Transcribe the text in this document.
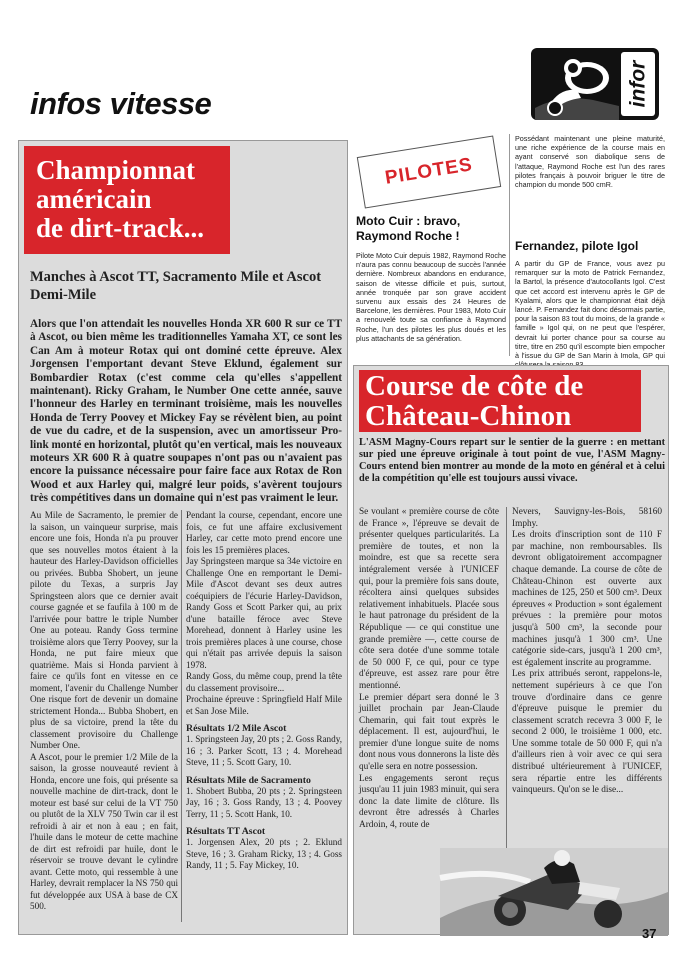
infos vitesse	infor
Championnat
américain
de dirt-track...
Manches à Ascot TT, Sacramento Mile et Ascot Demi-Mile
Alors que l'on attendait les nouvelles Honda XR 600 R sur ce TT à Ascot, ou bien même les traditionnelles Yamaha XT, ce sont les Can Am à moteur Rotax qui ont dominé cette épreuve. Alex Jorgensen l'emportant devant Steve Eklund, également sur Bombardier Rotax (c'est comme cela qu'elles s'appellent maintenant). Ricky Graham, le Number One cette année, sauve l'honneur des Harley en terminant troisième, mais les nouvelles Honda de Terry Poovey et Mickey Fay se révèlent bien, au point de vue du cadre, et de la suspension, avec un amortisseur Pro-link monté en horizontal, plutôt qu'en vertical, mais les nouveaux moteurs XR 600 R à quatre soupapes n'ont pas ou n'avaient pas encore la puissance nécessaire pour faire face aux Rotax de Ron Wood et aux Harley qui, malgré leur poids, s'avèrent toujours très compétitives dans un domaine qui n'est pas vraiment le leur.

Au Mile de Sacramento, le premier de la saison, un vainqueur surprise, mais encore une fois, Honda n'a pu prouver que ses nouvelles motos étaient à la hauteur des Harley-Davidson officielles ou privées. Bubba Shobert, un jeune pilote du Texas, a surpris Jay Springsteen alors que ce dernier avait course gagnée et se faufila à 100 m de l'arrivée pour battre le triple Number One au poteau. Randy Goss termine troisième alors que Terry Poovey, sur la Honda, ne put faire mieux que quatrième. Mais si Honda parvient à faire ce qu'ils font en vitesse en ce moment, l'avenir du Challenge Number One risque fort de devenir un domaine strictement Honda... Bubba Shobert, en plus de sa victoire, prend la tête du classement provisoire du Challenge Number One.

A Ascot, pour le premier 1/2 Mile de la saison, la grosse nouveauté revient à Honda, encore une fois, qui présente sa nouvelle machine de dirt-track, dont le moteur est basé sur celui de la VT 750 ou plutôt de la XLV 750 Twin car il est refroidi à air et non à eau ; en fait, l'huile dans le moteur de cette machine de dirt est refroidi par huile, dont le réservoir se trouve devant le cylindre avant. Cette moto, qui ressemble à une Harley, devrait remplacer la NS 750 qui fut développée aux USA à base de CX 500.

Pendant la course, cependant, encore une fois, ce fut une affaire exclusivement Harley, car cette moto prend encore une fois les 15 premières places.

Jay Springsteen marque sa 34e victoire en Challenge One en remportant le Demi-Mile d'Ascot devant ses deux autres coéquipiers de l'écurie Harley-Davidson, Randy Goss et Scott Parker qui, au prix d'une bataille féroce avec Steve Morehead, donnent à Harley usine les trois premières places à une course, chose qui n'était pas arrivée depuis la saison 1978.

Randy Goss, du même coup, prend la tête du classement provisoire...

Prochaine épreuve : Springfield Half Mile et San Jose Mile.

Résultats 1/2 Mile Ascot

1. Springsteen Jay, 20 pts ; 2. Goss Randy, 16 ; 3. Parker Scott, 13 ; 4. Morehead Steve, 11 ; 5. Scott Gary, 10.

Résultats Mile de Sacramento

1. Shobert Bubba, 20 pts ; 2. Springsteen Jay, 16 ; 3. Goss Randy, 13 ; 4. Poovey Terry, 11 ; 5. Scott Hank, 10.

Résultats TT Ascot

1. Jorgensen Alex, 20 pts ; 2. Eklund Steve, 16 ; 3. Graham Ricky, 13 ; 4. Goss Randy, 11 ; 5. Fay Mickey, 10.

PILOTES
Moto Cuir : bravo, Raymond Roche !
Pilote Moto Cuir depuis 1982, Raymond Roche n'aura pas connu beaucoup de succès l'année dernière. Nombreux abandons en endurance, saison de vitesse difficile et puis, surtout, année tronquée par son grave accident survenu aux essais des 24 Heures de Barcelone, les dernières. Pour 1983, Moto Cuir a renouvelé toute sa confiance à Raymond Roche, l'un des pilotes les plus doués et les plus attachants de sa génération.
Possédant maintenant une pleine maturité, une riche expérience de la course mais en ayant conservé son diabolique sens de l'attaque, Raymond Roche est l'un des rares pilotes français à pouvoir briguer le titre de champion du monde 500 cmR.
Fernandez, pilote Igol
A partir du GP de France, vous avez pu remarquer sur la moto de Patrick Fernandez, la Bartol, la présence d'autocollants Igol. C'est que cet accord est intervenu après le GP de Kyalami, alors que le championnat était déjà lancé. P. Fernandez fait donc désormais partie, pour la saison 83 tout du moins, de la grande « famille » Igol qui, on ne peut que l'espérer, devrait lui porter chance pour sa course au titre, titre en 250 qu'il escompte bien empocher à l'issue du GP de San Marin à Imola, GP qui
Course de côte de
Château-Chinon
L'ASM Magny-Cours repart sur le sentier de la guerre : en mettant sur pied une épreuve originale à tout point de vue, l'ASM Magny-Cours entend bien montrer au monde de la moto en général et à celui de la compétition qu'elle est toujours aussi vivace.

Se voulant « première course de côte de France », l'épreuve se devait de présenter quelques particularités. La première de toutes, et non la moindre, est que sa recette sera intégralement versée à l'UNICEF qui, pour la première fois sans doute, récoltera ainsi quelques subsides relativement inhabituels. Placée sous le haut patronage du président de la République — ce qui constitue une grande première —, cette course de côte sera dotée d'une somme totale de 50 000 F, ce qui, pour ce type d'épreuve, est assez rare pour être mentionné.

Le premier départ sera donné le 3 juillet prochain par Jean-Claude Chemarin, qui fait tout exprès le déplacement. Il est, aujourd'hui, le premier d'une longue suite de noms dont nous vous donnerons la liste dès qu'elle sera en notre possession.

Les engagements seront reçus jusqu'au 11 juin 1983 minuit, qui sera donc la date limite de clôture. Ils devront être adressés à Charles Ardoin, 4, route de

Nevers, Sauvigny-les-Bois, 58160 Imphy.

Les droits d'inscription sont de 110 F par machine, non remboursables. Ils devront obligatoirement accompagner chaque demande. La course de côte de Château-Chinon est ouverte aux machines de 125, 250 et 500 cm³. Deux épreuves « Production » sont également prévues : la première pour motos jusqu'à 500 cm³, la seconde pour machines jusqu'à 1 300 cm³. Une catégorie side-cars, jusqu'à 1 200 cm³, est également inscrite au programme.

Les prix attribués seront, rappelons-le, nettement supérieurs à ce que l'on trouve d'ordinaire dans ce genre d'épreuve puisque le premier du classement scratch recevra 3 000 F, le second 2 000, le troisième 1 000, etc. Une somme totale de 50 000 F, qui n'a d'ailleurs rien à voir avec ce qui sera distribué ultérieurement à l'UNICEF, sera répartie entre les différents vainqueurs. Qu'on se le dise...

37
